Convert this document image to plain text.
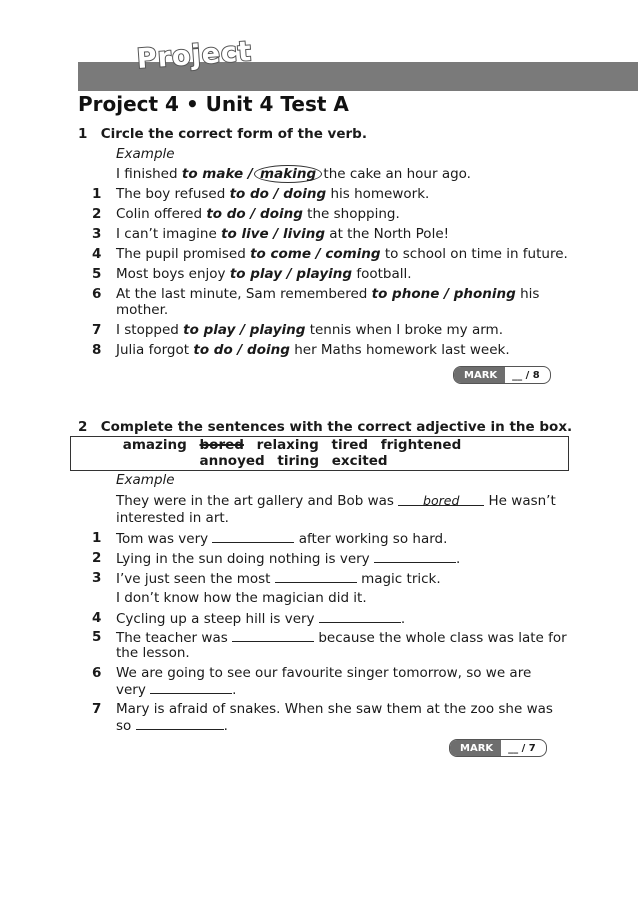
Project
Project 4 • Unit 4 Test A
1 Circle the correct form of the verb.
Example
I finished to make / making the cake an hour ago.
1 The boy refused to do / doing his homework.
2 Colin offered to do / doing the shopping.
3 I can’t imagine to live / living at the North Pole!
4 The pupil promised to come / coming to school on time in future.
5 Most boys enjoy to play / playing football.
6 At the last minute, Sam remembered to phone / phoning his
mother.
7 I stopped to play / playing tennis when I broke my arm.
8 Julia forgot to do / doing her Maths homework last week.
MARK	__ / 8
2 Complete the sentences with the correct adjective in the box.
amazing bored relaxing tired frightened
annoyed tiring excited
Example
They were in the art gallery and Bob was bored He wasn’t
interested in art.
1 Tom was very	after working so hard.
2 Lying in the sun doing nothing is very	.
3 I’ve just seen the most	magic trick.
I don’t know how the magician did it.
4 Cycling up a steep hill is very	.
5 The teacher was	because the whole class was late for
the lesson.
6 We are going to see our favourite singer tomorrow, so we are
very	.
7 Mary is afraid of snakes. When she saw them at the zoo she was
so	.
MARK	__ / 7
